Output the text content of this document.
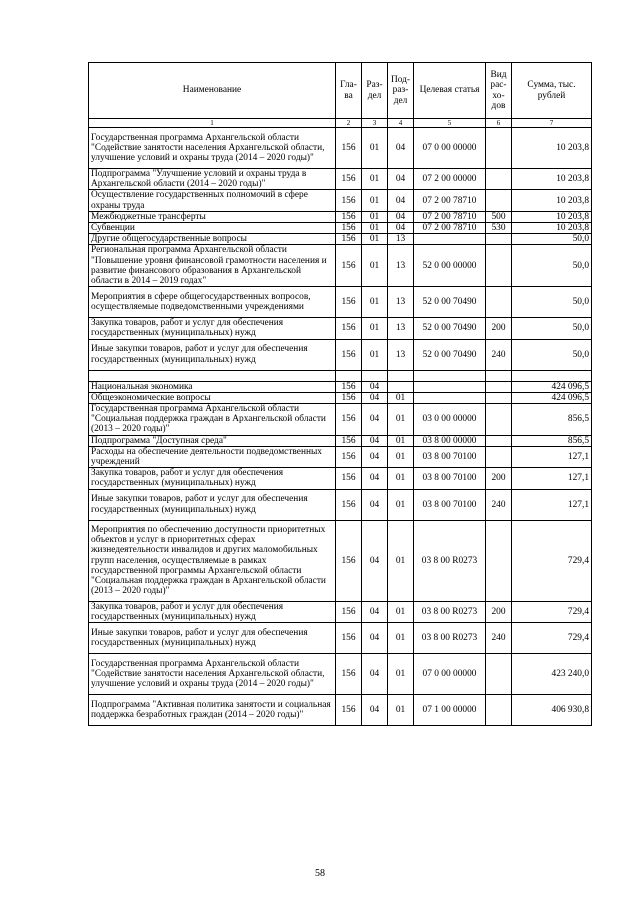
Наименование	Гла-ва	Раз-дел	Под-раз-дел	Целевая статья	Вид рас-хо-дов	Сумма, тыс. рублей
1	2	3	4	5	6	7
Государственная программа Архангельской области "Содействие занятости населения Архангельской области, улучшение условий и охраны труда (2014 – 2020 годы)"	156	01	04	07 0 00 00000		10 203,8
Подпрограмма "Улучшение условий и охраны труда в Архангельской области (2014 – 2020 годы)"	156	01	04	07 2 00 00000		10 203,8
Осуществление государственных полномочий в сфере охраны труда	156	01	04	07 2 00 78710		10 203,8
Межбюджетные трансферты	156	01	04	07 2 00 78710	500	10 203,8
Субвенции	156	01	04	07 2 00 78710	530	10 203,8
Другие общегосударственные вопросы	156	01	13			50,0
Региональная программа Архангельской области "Повышение уровня финансовой грамотности населения и развитие финансового образования в Архангельской области в 2014 – 2019 годах"	156	01	13	52 0 00 00000		50,0
Мероприятия в сфере общегосударственных вопросов, осуществляемые подведомственными учреждениями	156	01	13	52 0 00 70490		50,0
Закупка товаров, работ и услуг для обеспечения государственных (муниципальных) нужд	156	01	13	52 0 00 70490	200	50,0
Иные закупки товаров, работ и услуг для обеспечения государственных (муниципальных) нужд	156	01	13	52 0 00 70490	240	50,0

Национальная экономика	156	04				424 096,5
Общеэкономические вопросы	156	04	01			424 096,5
Государственная программа Архангельской области "Социальная поддержка граждан в Архангельской области (2013 – 2020 годы)"	156	04	01	03 0 00 00000		856,5
Подпрограмма "Доступная среда"	156	04	01	03 8 00 00000		856,5
Расходы на обеспечение деятельности подведомственных учреждений	156	04	01	03 8 00 70100		127,1
Закупка товаров, работ и услуг для обеспечения государственных (муниципальных) нужд	156	04	01	03 8 00 70100	200	127,1
Иные закупки товаров, работ и услуг для обеспечения государственных (муниципальных) нужд	156	04	01	03 8 00 70100	240	127,1
Мероприятия по обеспечению доступности приоритетных объектов и услуг в приоритетных сферах жизнедеятельности инвалидов и других маломобильных групп населения, осуществляемые в рамках государственной программы Архангельской области "Социальная поддержка граждан в Архангельской области (2013 – 2020 годы)"	156	04	01	03 8 00 R0273		729,4
Закупка товаров, работ и услуг для обеспечения государственных (муниципальных) нужд	156	04	01	03 8 00 R0273	200	729,4
Иные закупки товаров, работ и услуг для обеспечения государственных (муниципальных) нужд	156	04	01	03 8 00 R0273	240	729,4
Государственная программа Архангельской области "Содействие занятости населения Архангельской области, улучшение условий и охраны труда (2014 – 2020 годы)"	156	04	01	07 0 00 00000		423 240,0
Подпрограмма "Активная политика занятости и социальная поддержка безработных граждан (2014 – 2020 годы)"	156	04	01	07 1 00 00000		406 930,8
58
